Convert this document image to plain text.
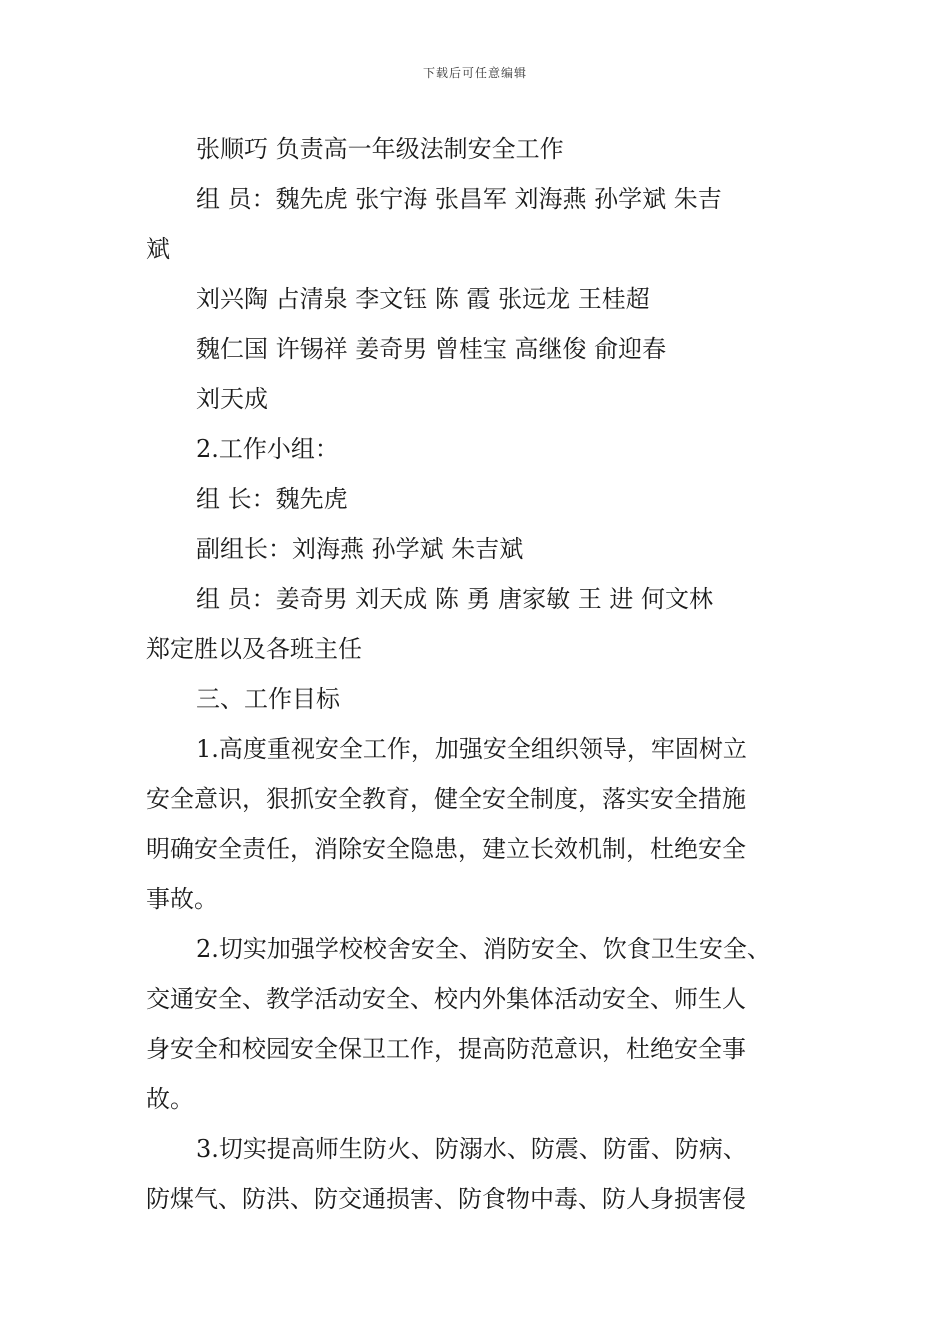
下载后可任意编辑
张顺巧 负责高一年级法制安全工作
组 员：魏先虎 张宁海 张昌军 刘海燕 孙学斌 朱吉
斌
刘兴陶 占清泉 李文钰 陈 霞 张远龙 王桂超
魏仁国 许锡祥 姜奇男 曾桂宝 高继俊 俞迎春
刘天成
2.工作小组：
组 长：魏先虎
副组长：刘海燕 孙学斌 朱吉斌
组 员：姜奇男 刘天成 陈 勇 唐家敏 王 进 何文林
郑定胜以及各班主任
三、工作目标
1.高度重视安全工作，加强安全组织领导，牢固树立
安全意识，狠抓安全教育，健全安全制度，落实安全措施
明确安全责任，消除安全隐患，建立长效机制，杜绝安全
事故。
2.切实加强学校校舍安全、消防安全、饮食卫生安全、
交通安全、教学活动安全、校内外集体活动安全、师生人
身安全和校园安全保卫工作，提高防范意识，杜绝安全事
故。
3.切实提高师生防火、防溺水、防震、防雷、防病、
防煤气、防洪、防交通损害、防食物中毒、防人身损害侵
